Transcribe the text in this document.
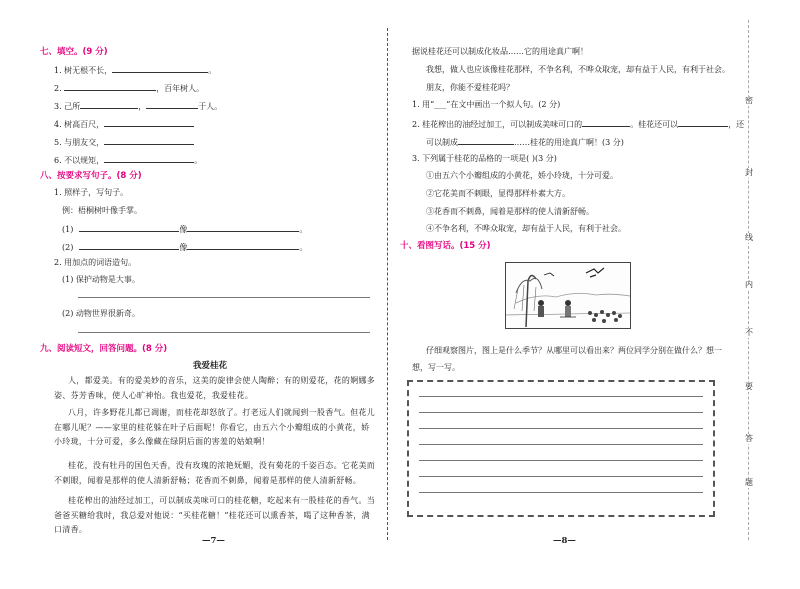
七、填空。(9 分)
1. 树无根不长，	。
2.	，百年树人。
3. 己所	，	于人。
4. 树高百尺，
5. 与朋友交，
6. 不以规矩，	。
八、按要求写句子。(8 分)
1. 照样子，写句子。
例：梧桐树叶像手掌。
(1)	像	。
(2)	像	。
2. 用加点的词语造句。
(1) 保护动物是大事。
(2) 动物世界很新奇。
九、阅读短文，回答问题。(8 分)
我爱桂花
人，都爱美。有的爱美妙的音乐，这美的旋律会使人陶醉；有的则爱花，花的婀娜多姿、芬芳香味，使人心旷神怡。我也爱花，我爱桂花。
八月，许多野花儿都已凋谢，而桂花却怒放了。打老远人们就闻到一股香气。但花儿在哪儿呢？——家里的桂花躲在叶子后面呢！你看它，由五六个小瓣组成的小黄花，娇小玲珑，十分可爱，多么像藏在绿阴后面的害羞的姑娘啊！
桂花，没有牡丹的国色天香，没有玫瑰的浓艳妩媚，没有菊花的千姿百态。它花美而不刺眼，闻着是那样的使人清新舒畅；花香而不刺鼻，闻着是那样的使人清新舒畅。
桂花榨出的油经过加工，可以制成美味可口的桂花糖，吃起来有一股桂花的香气。当爸爸买糖给我时，我总爱对他说：“买桂花糖！”桂花还可以熏香茶，喝了这种香茶，满口清香。
—7—
据说桂花还可以制成化妆品……它的用途真广啊！
我想，做人也应该像桂花那样，不争名利，不哗众取宠，却有益于人民，有利于社会。
朋友，你能不爱桂花吗？
1. 用“___”在文中画出一个拟人句。(2 分)
2. 桂花榨出的油经过加工，可以制成美味可口的	。桂花还可以	，还
可以制成	……桂花的用途真广啊！(3 分)
3. 下列属于桂花的品格的一项是( )(3 分)
①由五六个小瓣组成的小黄花，娇小玲珑，十分可爱。
②它花美而不刺眼，显得那样朴素大方。
③花香而不刺鼻，闻着是那样的使人清新舒畅。
④不争名利，不哗众取宠，却有益于人民，有利于社会。
十、看图写话。(15 分)
仔细观察图片，图上是什么季节？从哪里可以看出来？两位同学分别在做什么？想一
想，写一写。
—8—
密
封
线
内
不
要
答
题
